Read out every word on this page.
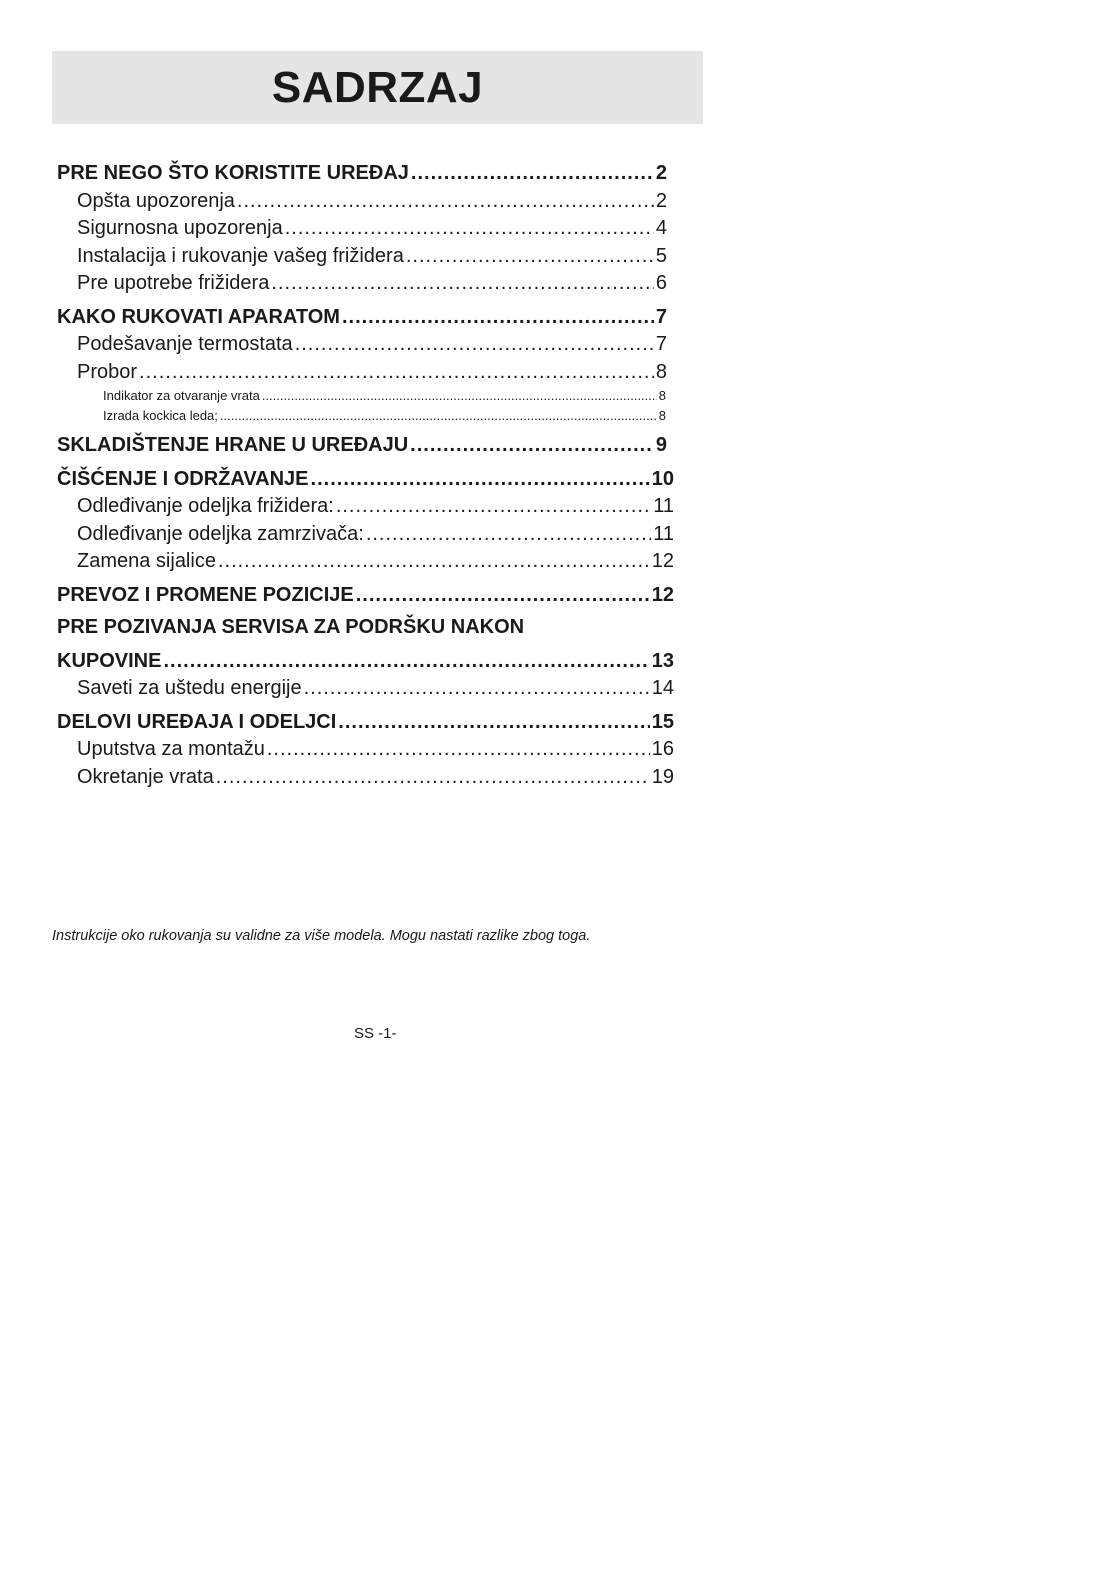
SADRZAJ
PRE NEGO ŠTO KORISTITE UREĐAJ .....	2
Opšta upozorenja .....	2
Sigurnosna upozorenja .....	4
Instalacija i rukovanje vašeg frižidera .....	5
Pre upotrebe frižidera .....	6
KAKO RUKOVATI APARATOM .....	7
Podešavanje termostata .....	7
Probor .....	8
Indikator za otvaranje vrata .....	8
Izrada kockica leda; .....	8
SKLADIŠTENJE HRANE U UREĐAJU .....	9
ČIŠĆENJE I ODRŽAVANJE .....	10
Odleđivanje odeljka frižidera: .....	11
Odleđivanje odeljka zamrzivača: .....	11
Zamena sijalice .....	12
PREVOZ I PROMENE POZICIJE .....	12
PRE POZIVANJA SERVISA ZA PODRŠKU NAKON
KUPOVINE .....	13
Saveti za uštedu energije .....	14
DELOVI UREĐAJA I ODELJCI .....	15
Uputstva za montažu .....	16
Okretanje vrata .....	19
Instrukcije oko rukovanja su validne za više modela. Mogu nastati razlike zbog toga.
SS -1-
